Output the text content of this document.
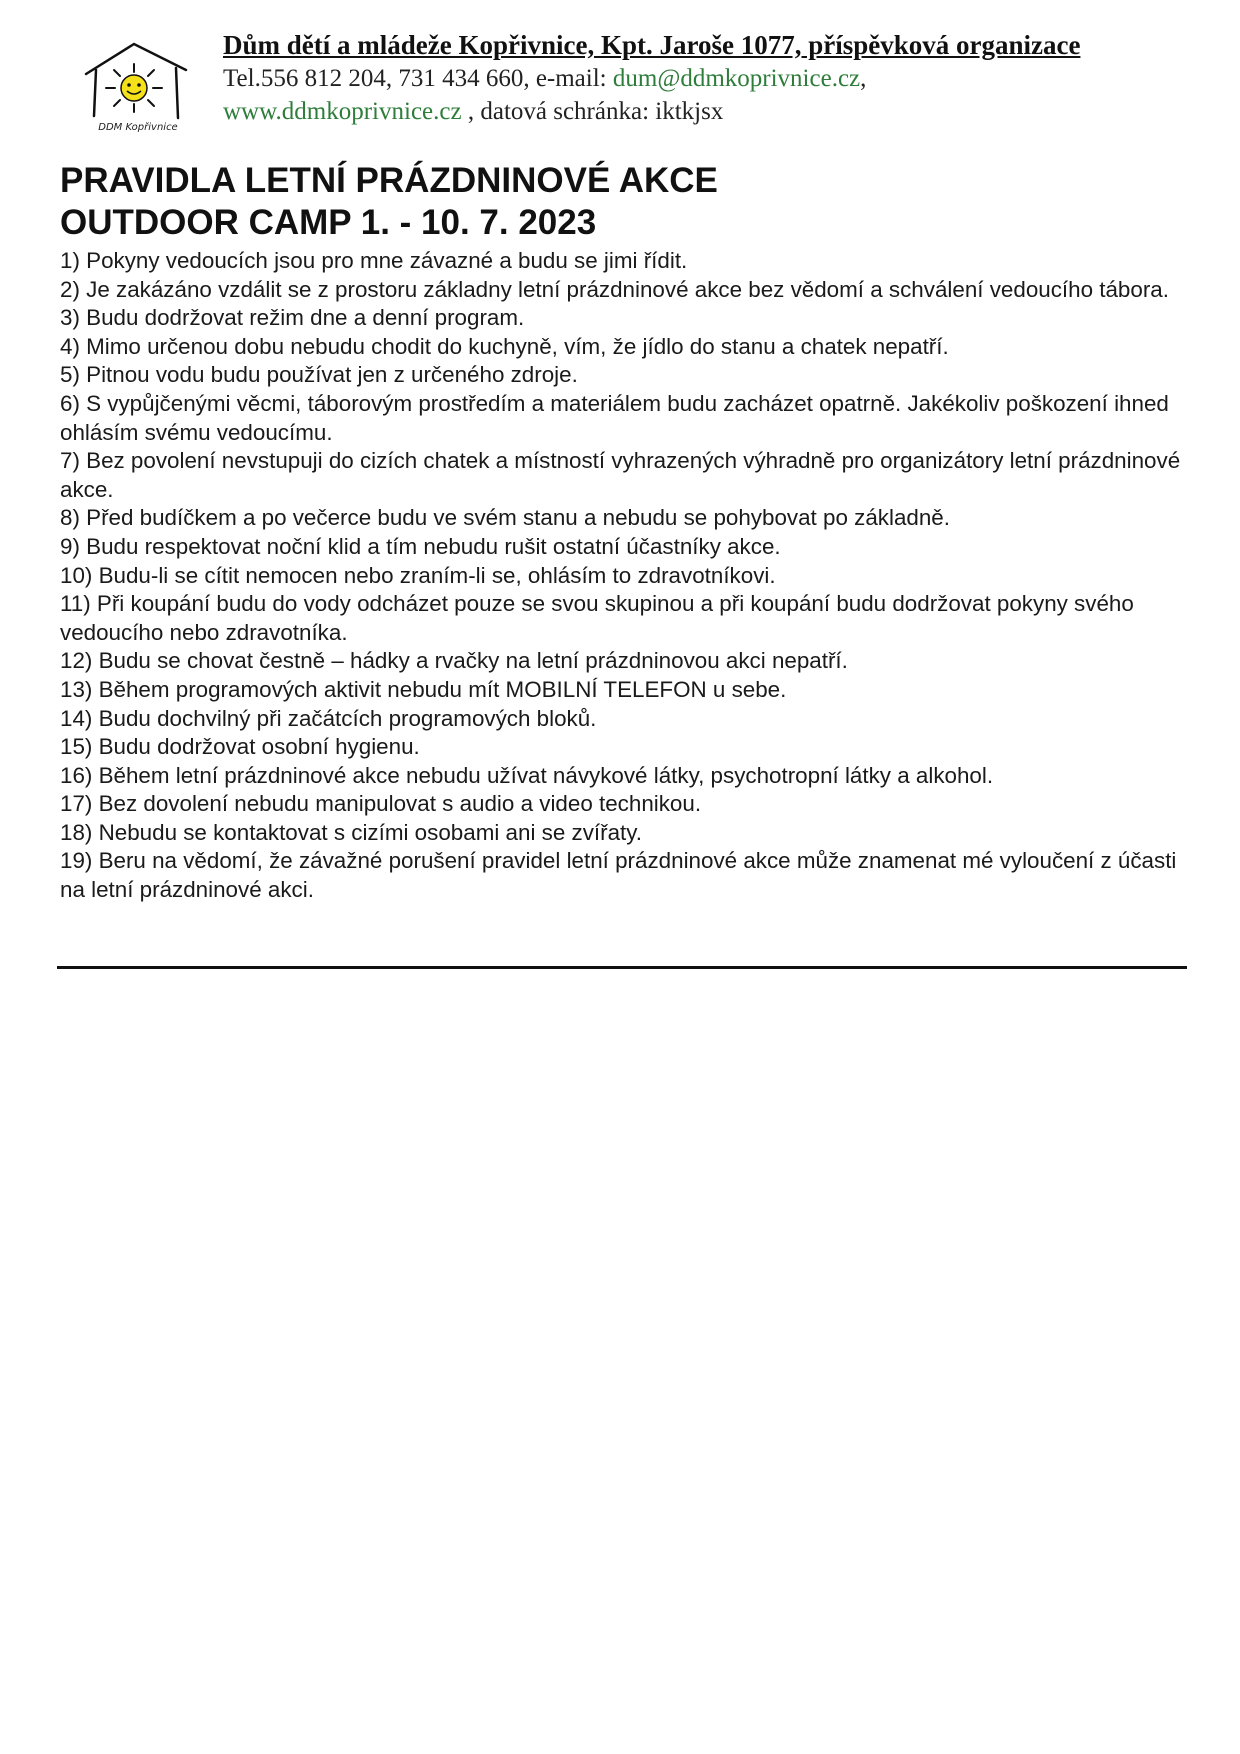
DDM Kopřivnice
Dům dětí a mládeže Kopřivnice, Kpt. Jaroše 1077, příspěvková organizace
Tel.556 812 204, 731 434 660, e-mail: dum@ddmkoprivnice.cz,
www.ddmkoprivnice.cz , datová schránka: iktkjsx
PRAVIDLA LETNÍ PRÁZDNINOVÉ AKCE
OUTDOOR CAMP 1. - 10. 7. 2023
1) Pokyny vedoucích jsou pro mne závazné a budu se jimi řídit.
2) Je zakázáno vzdálit se z prostoru základny letní prázdninové akce bez vědomí a schválení vedoucího tábora.
3) Budu dodržovat režim dne a denní program.
4) Mimo určenou dobu nebudu chodit do kuchyně, vím, že jídlo do stanu a chatek nepatří.
5) Pitnou vodu budu používat jen z určeného zdroje.
6) S vypůjčenými věcmi, táborovým prostředím a materiálem budu zacházet opatrně. Jakékoliv poškození ihned ohlásím svému vedoucímu.
7) Bez povolení nevstupuji do cizích chatek a místností vyhrazených výhradně pro organizátory letní prázdninové akce.
8) Před budíčkem a po večerce budu ve svém stanu a nebudu se pohybovat po základně.
9) Budu respektovat noční klid a tím nebudu rušit ostatní účastníky akce.
10) Budu-li se cítit nemocen nebo zraním-li se, ohlásím to zdravotníkovi.
11) Při koupání budu do vody odcházet pouze se svou skupinou a při koupání budu dodržovat pokyny svého vedoucího nebo zdravotníka.
12) Budu se chovat čestně – hádky a rvačky na letní prázdninovou akci nepatří.
13) Během programových aktivit nebudu mít MOBILNÍ TELEFON u sebe.
14) Budu dochvilný při začátcích programových bloků.
15) Budu dodržovat osobní hygienu.
16) Během letní prázdninové akce nebudu užívat návykové látky, psychotropní látky a alkohol.
17) Bez dovolení nebudu manipulovat s audio a video technikou.
18) Nebudu se kontaktovat s cizími osobami ani se zvířaty.
19) Beru na vědomí, že závažné porušení pravidel letní prázdninové akce může znamenat mé vyloučení z účasti na letní prázdninové akci.
